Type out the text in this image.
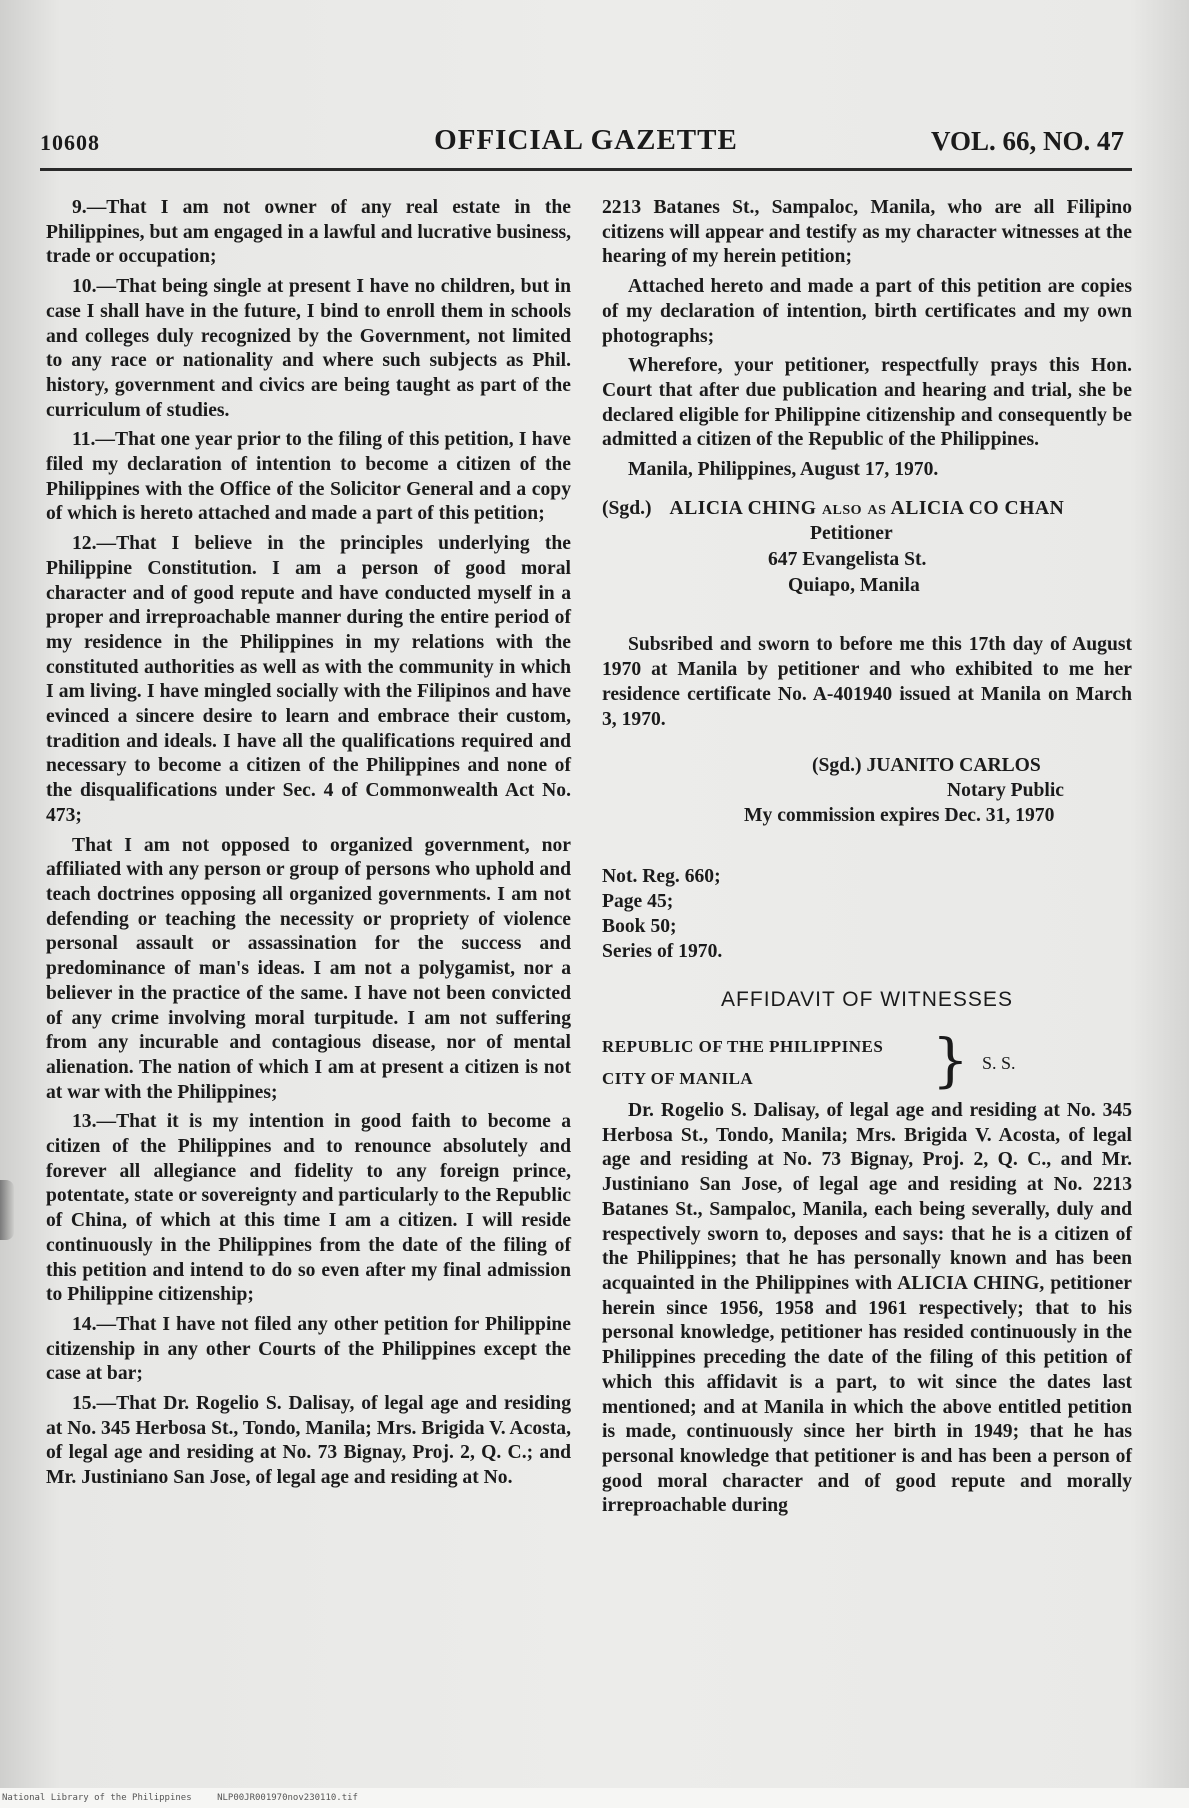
10608	OFFICIAL GAZETTE	VOL. 66, NO. 47

9.—That I am not owner of any real estate in the Philippines, but am engaged in a lawful and lucrative business, trade or occupation;

10.—That being single at present I have no children, but in case I shall have in the future, I bind to enroll them in schools and colleges duly recognized by the Government, not limited to any race or nationality and where such subjects as Phil. history, government and civics are being taught as part of the curriculum of studies.

11.—That one year prior to the filing of this petition, I have filed my declaration of intention to become a citizen of the Philippines with the Office of the Solicitor General and a copy of which is hereto attached and made a part of this petition;

12.—That I believe in the principles underlying the Philippine Constitution. I am a person of good moral character and of good repute and have conducted myself in a proper and irreproachable manner during the entire period of my residence in the Philippines in my relations with the constituted authorities as well as with the community in which I am living. I have mingled socially with the Filipinos and have evinced a sincere desire to learn and embrace their custom, tradition and ideals. I have all the qualifications required and necessary to become a citizen of the Philippines and none of the disqualifications under Sec. 4 of Commonwealth Act No. 473;

That I am not opposed to organized government, nor affiliated with any person or group of persons who uphold and teach doctrines opposing all organized governments. I am not defending or teaching the necessity or propriety of violence personal assault or assassination for the success and predominance of man's ideas. I am not a polygamist, nor a believer in the practice of the same. I have not been convicted of any crime involving moral turpitude. I am not suffering from any incurable and contagious disease, nor of mental alienation. The nation of which I am at present a citizen is not at war with the Philippines;

13.—That it is my intention in good faith to become a citizen of the Philippines and to renounce absolutely and forever all allegiance and fidelity to any foreign prince, potentate, state or sovereignty and particularly to the Republic of China, of which at this time I am a citizen. I will reside continuously in the Philippines from the date of the filing of this petition and intend to do so even after my final admission to Philippine citizenship;

14.—That I have not filed any other petition for Philippine citizenship in any other Courts of the Philippines except the case at bar;

15.—That Dr. Rogelio S. Dalisay, of legal age and residing at No. 345 Herbosa St., Tondo, Manila; Mrs. Brigida V. Acosta, of legal age and residing at No. 73 Bignay, Proj. 2, Q. C.; and Mr. Justiniano San Jose, of legal age and residing at No.

2213 Batanes St., Sampaloc, Manila, who are all Filipino citizens will appear and testify as my character witnesses at the hearing of my herein petition;

Attached hereto and made a part of this petition are copies of my declaration of intention, birth certificates and my own photographs;

Wherefore, your petitioner, respectfully prays this Hon. Court that after due publication and hearing and trial, she be declared eligible for Philippine citizenship and consequently be admitted a citizen of the Republic of the Philippines.

Manila, Philippines, August 17, 1970.

(Sgd.) ALICIA CHING also as ALICIA CO CHAN
Petitioner
647 Evangelista St.
Quiapo, Manila

Subsribed and sworn to before me this 17th day of August 1970 at Manila by petitioner and who exhibited to me her residence certificate No. A-401940 issued at Manila on March 3, 1970.

(Sgd.) JUANITO CARLOS
Notary Public
My commission expires Dec. 31, 1970
Not. Reg. 660;
Page 45;
Book 50;
Series of 1970.
AFFIDAVIT OF WITNESSES
REPUBLIC OF THE PHILIPPINES
CITY OF MANILA	} S. S.

Dr. Rogelio S. Dalisay, of legal age and residing at No. 345 Herbosa St., Tondo, Manila; Mrs. Brigida V. Acosta, of legal age and residing at No. 73 Bignay, Proj. 2, Q. C., and Mr. Justiniano San Jose, of legal age and residing at No. 2213 Batanes St., Sampaloc, Manila, each being severally, duly and respectively sworn to, deposes and says: that he is a citizen of the Philippines; that he has personally known and has been acquainted in the Philippines with ALICIA CHING, petitioner herein since 1956, 1958 and 1961 respectively; that to his personal knowledge, petitioner has resided continuously in the Philippines preceding the date of the filing of this petition of which this affidavit is a part, to wit since the dates last mentioned; and at Manila in which the above entitled petition is made, continuously since her birth in 1949; that he has personal knowledge that petitioner is and has been a person of good moral character and of good repute and morally irreproachable during

National Library of the Philippines	NLP00JR001970nov230110.tif
